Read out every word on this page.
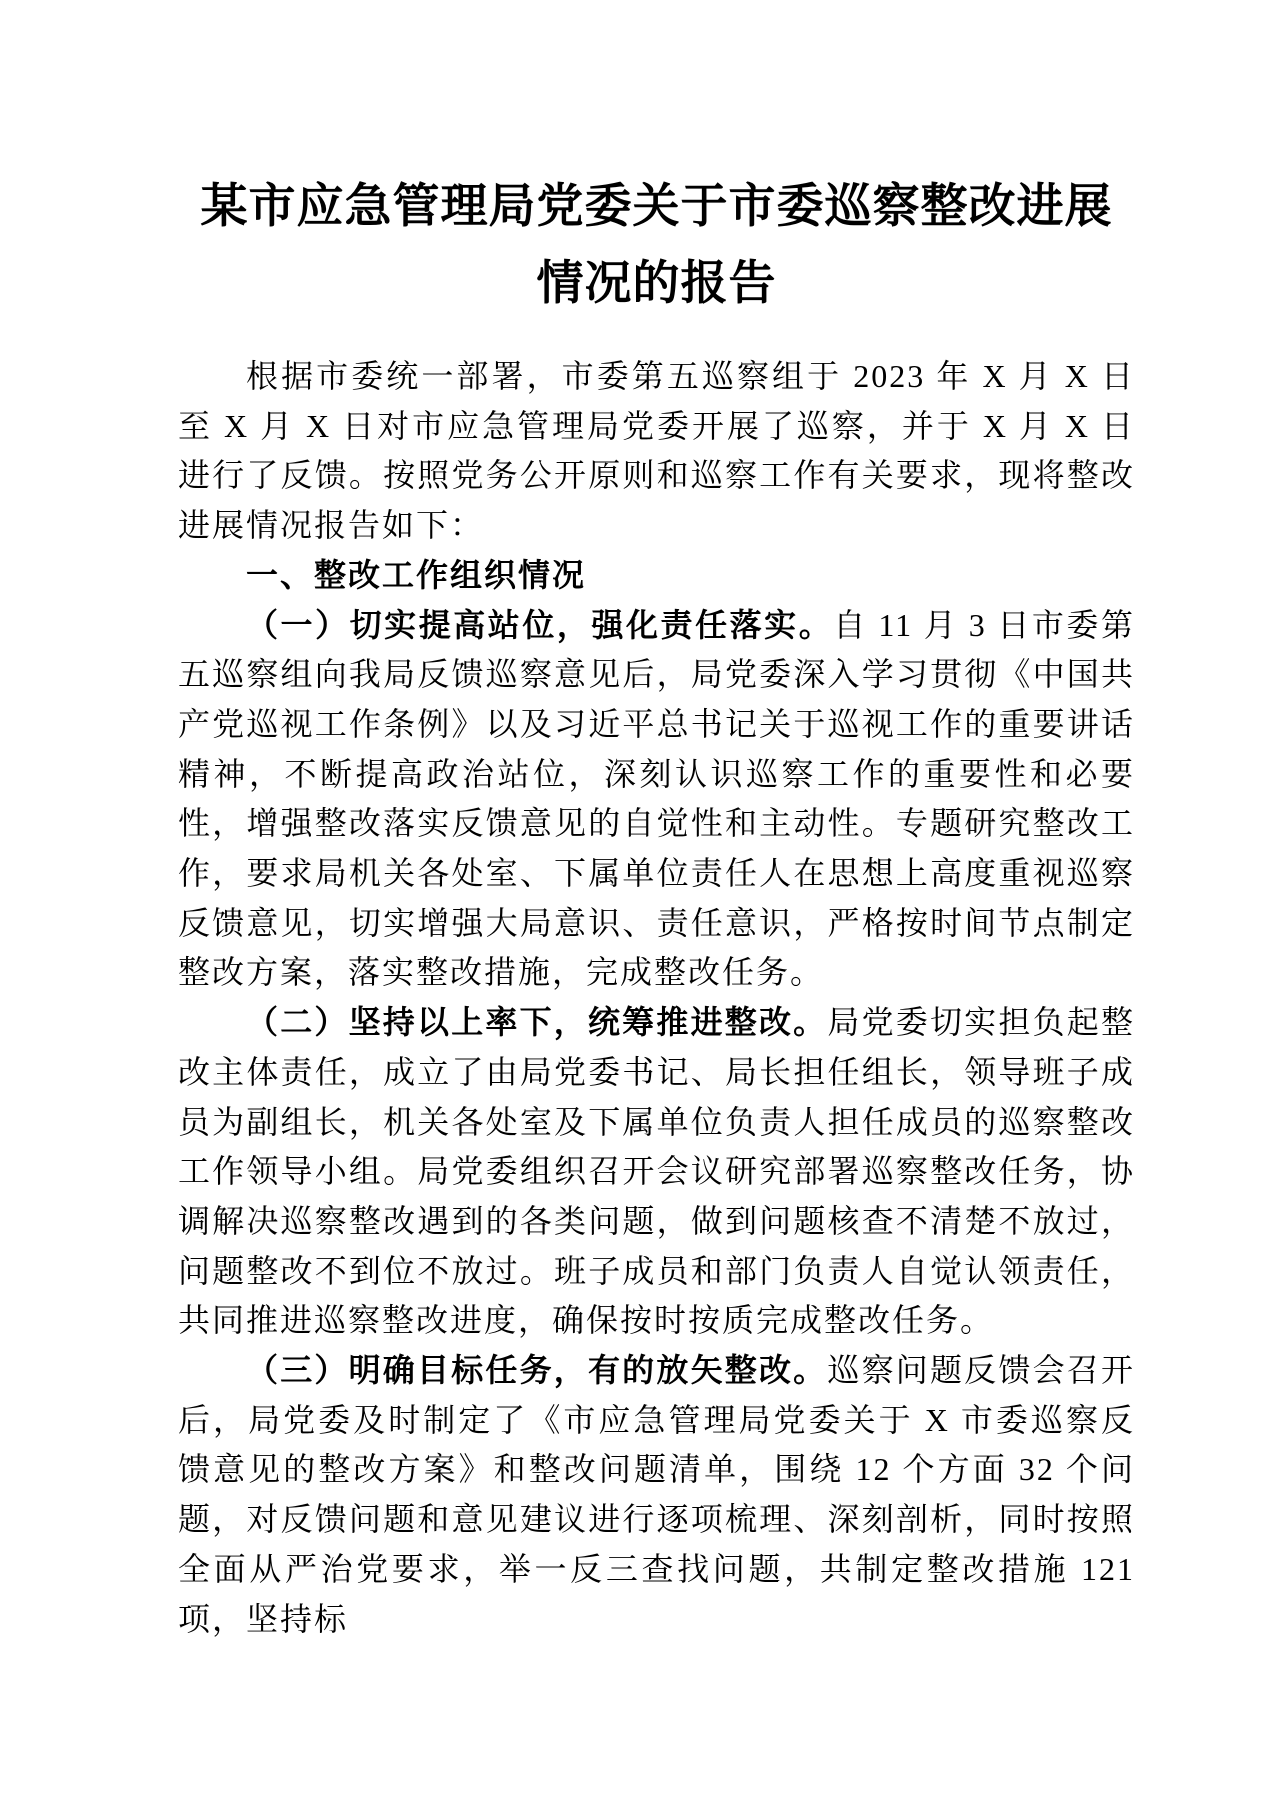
某市应急管理局党委关于市委巡察整改进展情况的报告

根据市委统一部署，市委第五巡察组于 2023 年 X 月 X 日至 X 月 X 日对市应急管理局党委开展了巡察，并于 X 月 X 日进行了反馈。按照党务公开原则和巡察工作有关要求，现将整改进展情况报告如下：

一、整改工作组织情况

（一）切实提高站位，强化责任落实。自 11 月 3 日市委第五巡察组向我局反馈巡察意见后，局党委深入学习贯彻《中国共产党巡视工作条例》以及习近平总书记关于巡视工作的重要讲话精神，不断提高政治站位，深刻认识巡察工作的重要性和必要性，增强整改落实反馈意见的自觉性和主动性。专题研究整改工作，要求局机关各处室、下属单位责任人在思想上高度重视巡察反馈意见，切实增强大局意识、责任意识，严格按时间节点制定整改方案，落实整改措施，完成整改任务。

（二）坚持以上率下，统筹推进整改。局党委切实担负起整改主体责任，成立了由局党委书记、局长担任组长，领导班子成员为副组长，机关各处室及下属单位负责人担任成员的巡察整改工作领导小组。局党委组织召开会议研究部署巡察整改任务，协调解决巡察整改遇到的各类问题，做到问题核查不清楚不放过，问题整改不到位不放过。班子成员和部门负责人自觉认领责任，共同推进巡察整改进度，确保按时按质完成整改任务。

（三）明确目标任务，有的放矢整改。巡察问题反馈会召开后，局党委及时制定了《市应急管理局党委关于 X 市委巡察反馈意见的整改方案》和整改问题清单，围绕 12 个方面 32 个问题，对反馈问题和意见建议进行逐项梳理、深刻剖析，同时按照全面从严治党要求，举一反三查找问题，共制定整改措施 121 项，坚持标
